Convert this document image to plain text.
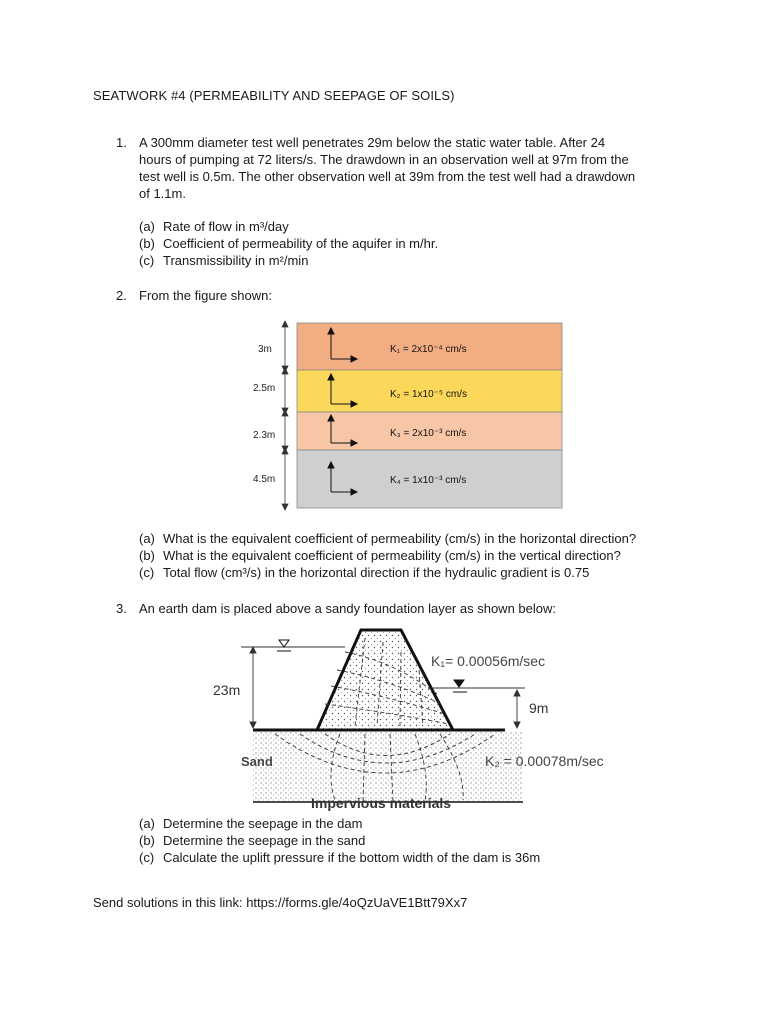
SEATWORK #4 (PERMEABILITY AND SEEPAGE OF SOILS)
1. A 300mm diameter test well penetrates 29m below the static water table. After 24
hours of pumping at 72 liters/s. The drawdown in an observation well at 97m from the
test well is 0.5m. The other observation well at 39m from the test well had a drawdown
of 1.1m.
(a) Rate of flow in m³/day
(b) Coefficient of permeability of the aquifer in m/hr.
(c) Transmissibility in m²/min
2. From the figure shown:
3m
2.5m
2.3m
4.5m
K₁ = 2x10⁻⁴ cm/s
K₂ = 1x10⁻⁵ cm/s
K₃ = 2x10⁻³ cm/s
K₄ = 1x10⁻³ cm/s
(a) What is the equivalent coefficient of permeability (cm/s) in the horizontal direction?
(b) What is the equivalent coefficient of permeability (cm/s) in the vertical direction?
(c) Total flow (cm³/s) in the horizontal direction if the hydraulic gradient is 0.75
3. An earth dam is placed above a sandy foundation layer as shown below:
23m
9m
K₁= 0.00056m/sec
K₂ = 0.00078m/sec
Sand
Impervious materials
(a) Determine the seepage in the dam
(b) Determine the seepage in the sand
(c) Calculate the uplift pressure if the bottom width of the dam is 36m
Send solutions in this link: https://forms.gle/4oQzUaVE1Btt79Xx7
